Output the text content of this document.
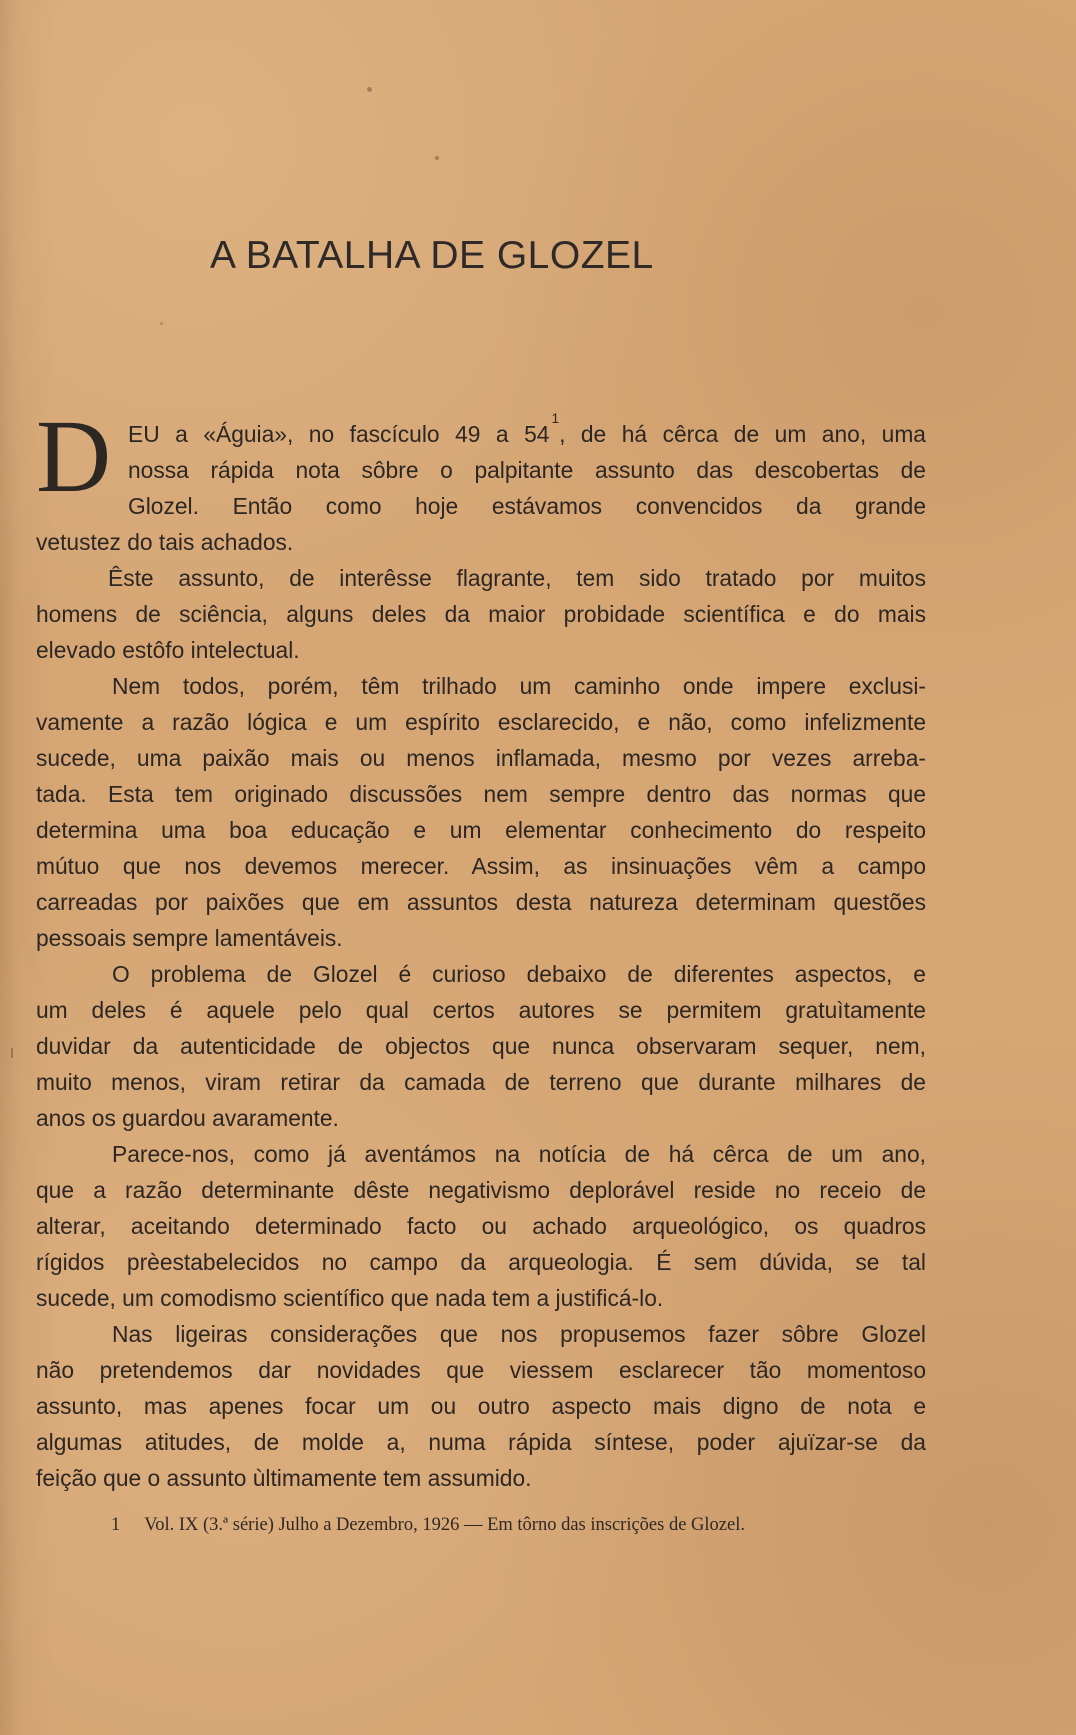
A BATALHA DE GLOZEL
D EU a «Águia», no fascículo 49 a $54^1$, de há cêrca de um ano, uma
nossa rápida nota sôbre o palpitante assunto das descobertas de
Glozel. Então como hoje estávamos convencidos da grande
vetustez do tais achados.
Êste assunto, de interêsse flagrante, tem sido tratado por muitos
homens de sciência, alguns deles da maior probidade scientífica e do mais
elevado estôfo intelectual.
Nem todos, porém, têm trilhado um caminho onde impere exclusi-
vamente a razão lógica e um espírito esclarecido, e não, como infelizmente
sucede, uma paixão mais ou menos inflamada, mesmo por vezes arreba-
tada. Esta tem originado discussões nem sempre dentro das normas que
determina uma boa educação e um elementar conhecimento do respeito
mútuo que nos devemos merecer. Assim, as insinuações vêm a campo
carreadas por paixões que em assuntos desta natureza determinam questões
pessoais sempre lamentáveis.
O problema de Glozel é curioso debaixo de diferentes aspectos, e
um deles é aquele pelo qual certos autores se permitem gratuìtamente
duvidar da autenticidade de objectos que nunca observaram sequer, nem,
muito menos, viram retirar da camada de terreno que durante milhares de
anos os guardou avaramente.
Parece-nos, como já aventámos na notícia de há cêrca de um ano,
que a razão determinante dêste negativismo deplorável reside no receio de
alterar, aceitando determinado facto ou achado arqueológico, os quadros
rígidos prèestabelecidos no campo da arqueologia. É sem dúvida, se tal
sucede, um comodismo scientífico que nada tem a justificá-lo.
Nas ligeiras considerações que nos propusemos fazer sôbre Glozel
não pretendemos dar novidades que viessem esclarecer tão momentoso
assunto, mas apenes focar um ou outro aspecto mais digno de nota e
algumas atitudes, de molde a, numa rápida síntese, poder ajuïzar-se da
feição que o assunto ùltimamente tem assumido.
1 Vol. IX (3.ª série) Julho a Dezembro, 1926 — Em tôrno das inscrições de Glozel.
